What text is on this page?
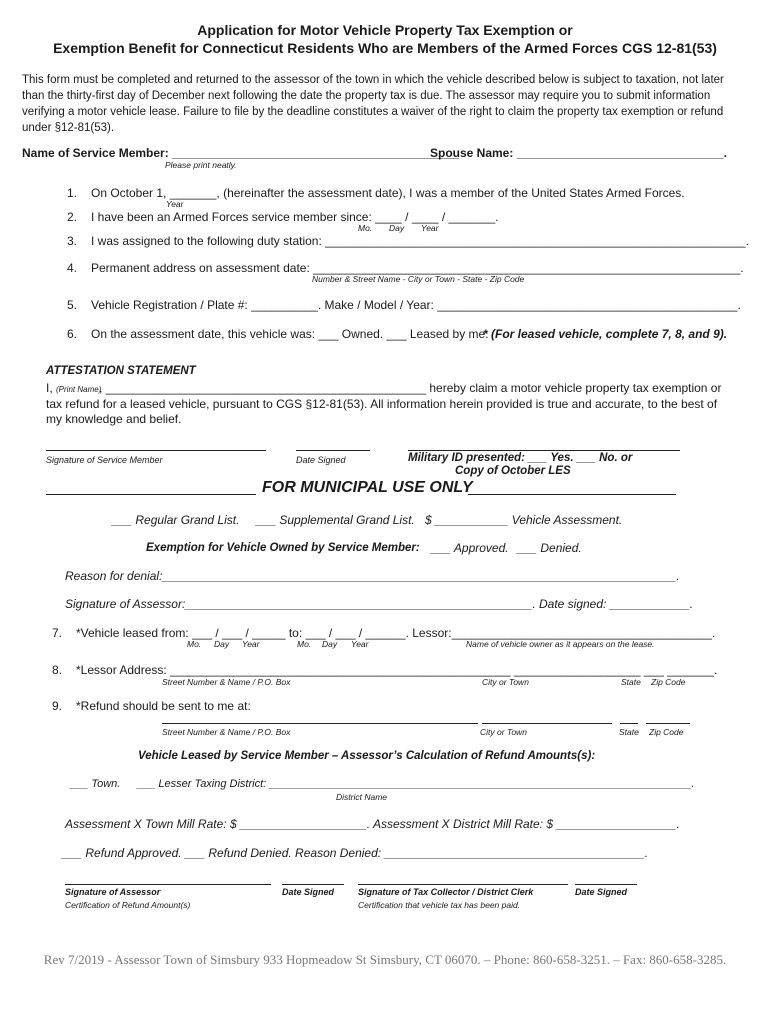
Application for Motor Vehicle Property Tax Exemption or
Exemption Benefit for Connecticut Residents Who are Members of the Armed Forces CGS 12-81(53)
This form must be completed and returned to the assessor of the town in which the vehicle described below is subject to taxation, not later
than the thirty-first day of December next following the date the property tax is due. The assessor may require you to submit information
verifying a motor vehicle lease. Failure to file by the deadline constitutes a waiver of the right to claim the property tax exemption or refund
under §12-81(53).
Name of Service Member: ___________________________________________
Spouse Name: _______________________________.
Please print neatly.
1. On October 1, _______, (hereinafter the assessment date), I was a member of the United States Armed Forces.
Year
2. I have been an Armed Forces service member since: ____ / ____ / _______.
Mo. Day Year
3. I was assigned to the following duty station: _______________________________________________________________.
4. Permanent address on assessment date: ________________________________________________________________.
Number & Street Name - City or Town - State - Zip Code
5. Vehicle Registration / Plate #: __________. Make / Model / Year: _____________________________________________.
6. On the assessment date, this vehicle was: ___ Owned. ___ Leased by me.
* (For leased vehicle, complete 7, 8, and 9).
ATTESTATION STATEMENT
I, (Print Name)
, ________________________________________________ hereby claim a motor vehicle property tax exemption or
tax refund for a leased vehicle, pursuant to CGS §12-81(53). All information herein provided is true and accurate, to the best of
my knowledge and belief.
Signature of Service Member	Date Signed	Military ID presented: ___ Yes. ___ No. or
Copy of October LES
FOR MUNICIPAL USE ONLY
___ Regular Grand List. ___ Supplemental Grand List. $ ___________ Vehicle Assessment.
Exemption for Vehicle Owned by Service Member: ___ Approved. ___ Denied.
Reason for denial:_____________________________________________________________________________.
Signature of Assessor:____________________________________________________. Date signed: ____________.
7. *Vehicle leased from: ___ / ___ / _____ to: ___ / ___ / ______. Lessor:_______________________________________.
Mo. Day Year	Mo. Day Year	Name of vehicle owner as it appears on the lease.
8. *Lessor Address: ___________________________________________________ ___________________ ___ _______.
Street Number & Name / P.O. Box	City or Town	State Zip Code
9. *Refund should be sent to me at:
Street Number & Name / P.O. Box	City or Town	State Zip Code
Vehicle Leased by Service Member – Assessor’s Calculation of Refund Amounts(s):
___ Town. ___ Lesser Taxing District: _____________________________________________________________________.
District Name
Assessment X Town Mill Rate: $ ___________________. Assessment X District Mill Rate: $ __________________.
___ Refund Approved. ___ Refund Denied. Reason Denied: _______________________________________.
Signature of Assessor
Certification of Refund Amount(s)
Date Signed	Signature of Tax Collector / District Clerk
Certification that vehicle tax has been paid.
Date Signed
Rev 7/2019 - Assessor Town of Simsbury 933 Hopmeadow St Simsbury, CT 06070. – Phone: 860-658-3251. – Fax: 860-658-3285.
